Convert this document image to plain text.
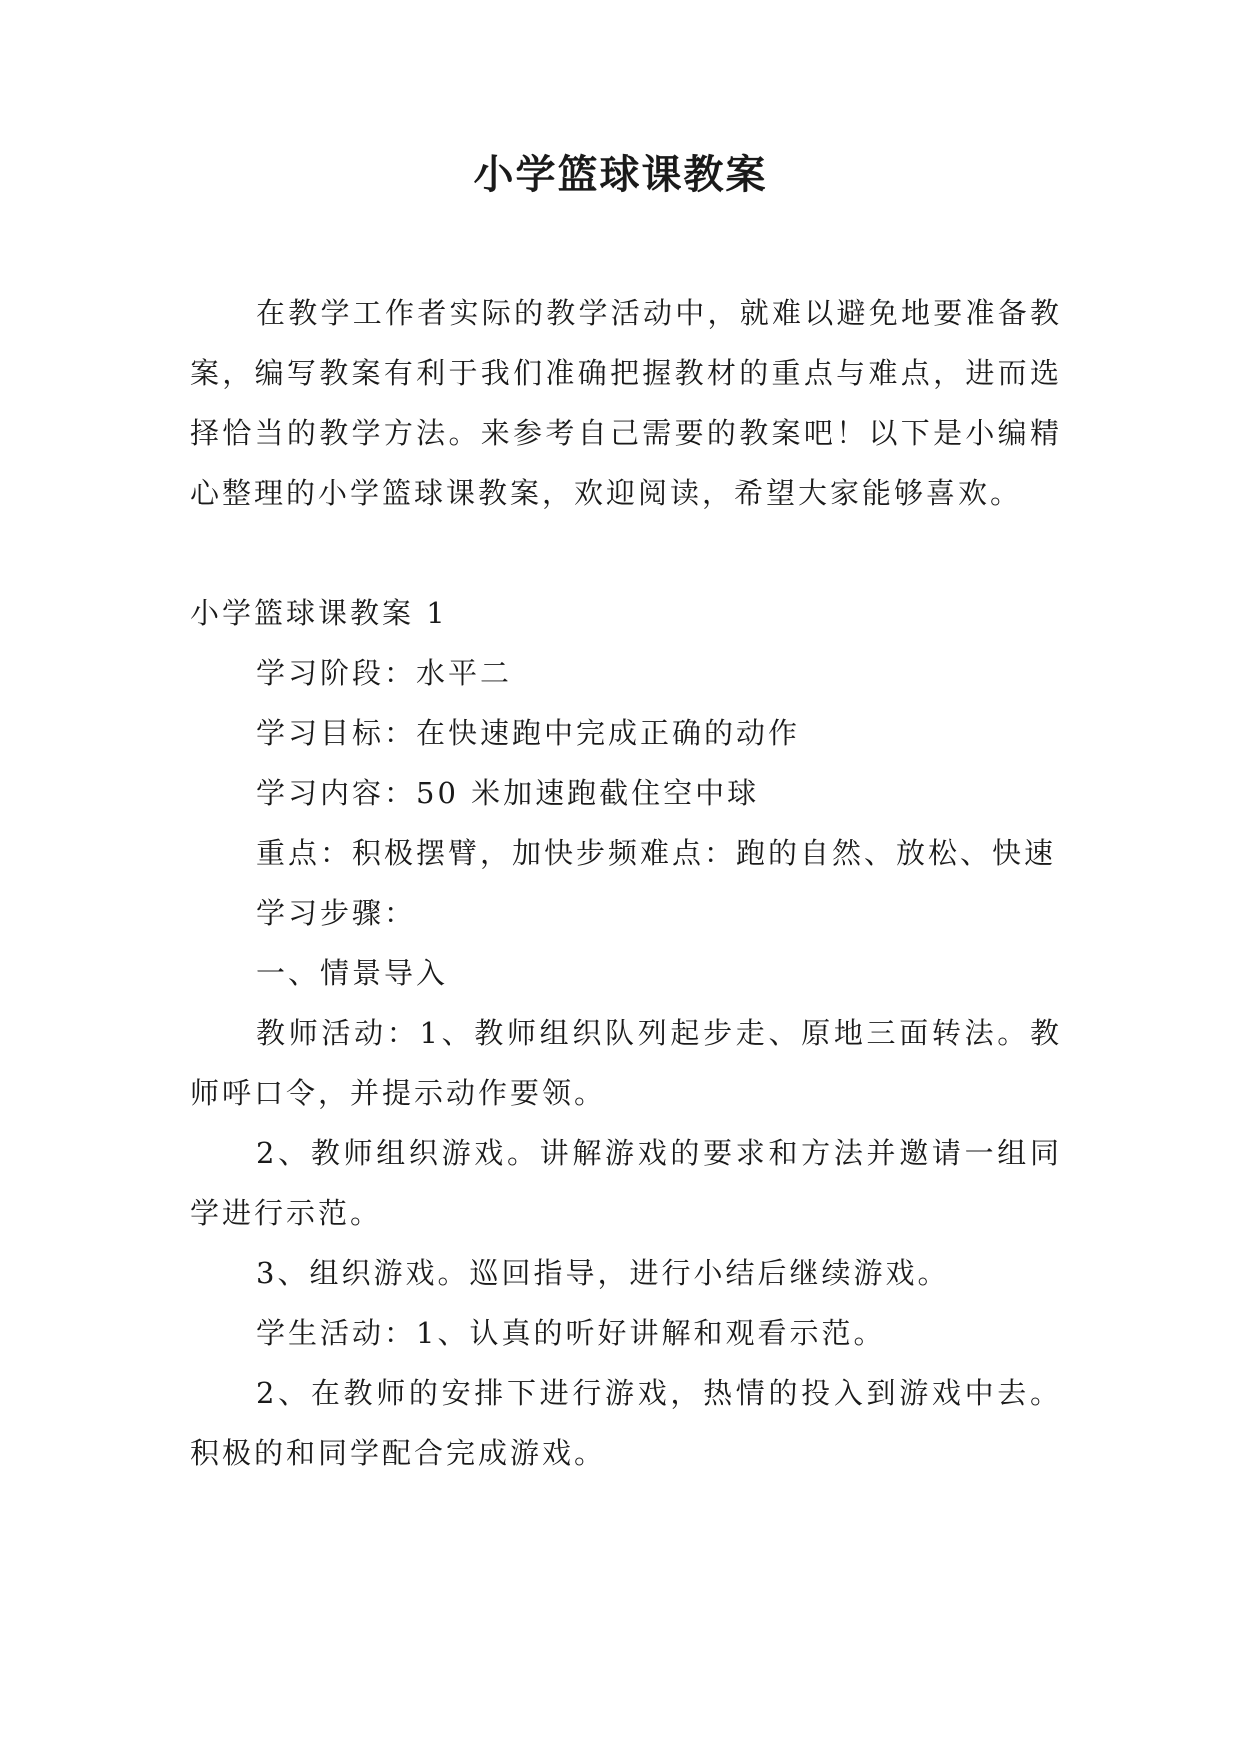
小学篮球课教案

在教学工作者实际的教学活动中，就难以避免地要准备教案，编写教案有利于我们准确把握教材的重点与难点，进而选择恰当的教学方法。来参考自己需要的教案吧！以下是小编精心整理的小学篮球课教案，欢迎阅读，希望大家能够喜欢。

小学篮球课教案 1

学习阶段：水平二

学习目标：在快速跑中完成正确的动作

学习内容：50 米加速跑截住空中球

重点：积极摆臂，加快步频难点：跑的自然、放松、快速

学习步骤：

一、情景导入

教师活动：1、教师组织队列起步走、原地三面转法。教师呼口令，并提示动作要领。

2、教师组织游戏。讲解游戏的要求和方法并邀请一组同学进行示范。

3、组织游戏。巡回指导，进行小结后继续游戏。

学生活动：1、认真的听好讲解和观看示范。

2、在教师的安排下进行游戏，热情的投入到游戏中去。积极的和同学配合完成游戏。
